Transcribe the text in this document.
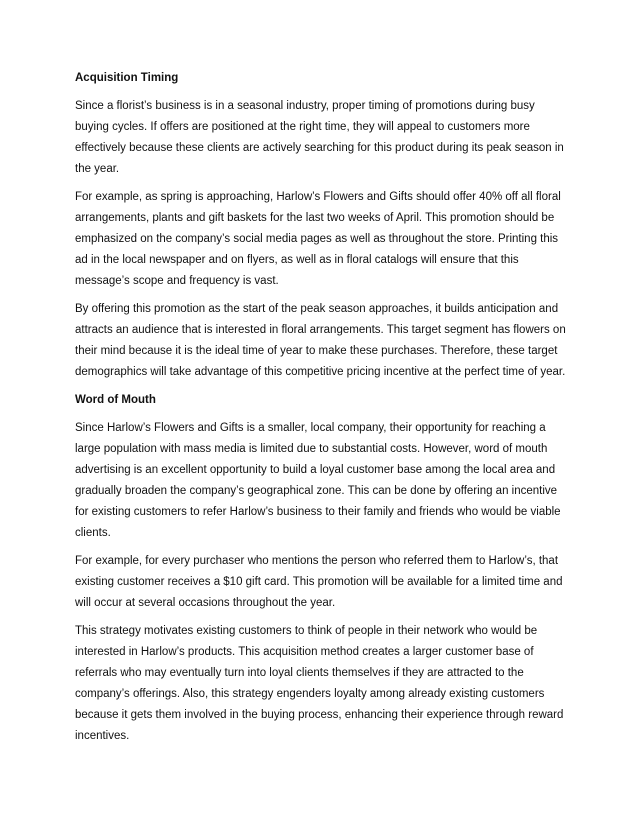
Acquisition Timing

Since a florist’s business is in a seasonal industry, proper timing of promotions during busy buying cycles. If offers are positioned at the right time, they will appeal to customers more effectively because these clients are actively searching for this product during its peak season in the year.

For example, as spring is approaching, Harlow’s Flowers and Gifts should offer 40% off all floral arrangements, plants and gift baskets for the last two weeks of April. This promotion should be emphasized on the company’s social media pages as well as throughout the store. Printing this ad in the local newspaper and on flyers, as well as in floral catalogs will ensure that this message’s scope and frequency is vast.

By offering this promotion as the start of the peak season approaches, it builds anticipation and attracts an audience that is interested in floral arrangements. This target segment has flowers on their mind because it is the ideal time of year to make these purchases. Therefore, these target demographics will take advantage of this competitive pricing incentive at the perfect time of year.

Word of Mouth

Since Harlow’s Flowers and Gifts is a smaller, local company, their opportunity for reaching a large population with mass media is limited due to substantial costs. However, word of mouth advertising is an excellent opportunity to build a loyal customer base among the local area and gradually broaden the company’s geographical zone. This can be done by offering an incentive for existing customers to refer Harlow’s business to their family and friends who would be viable clients.

For example, for every purchaser who mentions the person who referred them to Harlow’s, that existing customer receives a $10 gift card. This promotion will be available for a limited time and will occur at several occasions throughout the year.

This strategy motivates existing customers to think of people in their network who would be interested in Harlow’s products. This acquisition method creates a larger customer base of referrals who may eventually turn into loyal clients themselves if they are attracted to the company’s offerings. Also, this strategy engenders loyalty among already existing customers because it gets them involved in the buying process, enhancing their experience through reward incentives.
